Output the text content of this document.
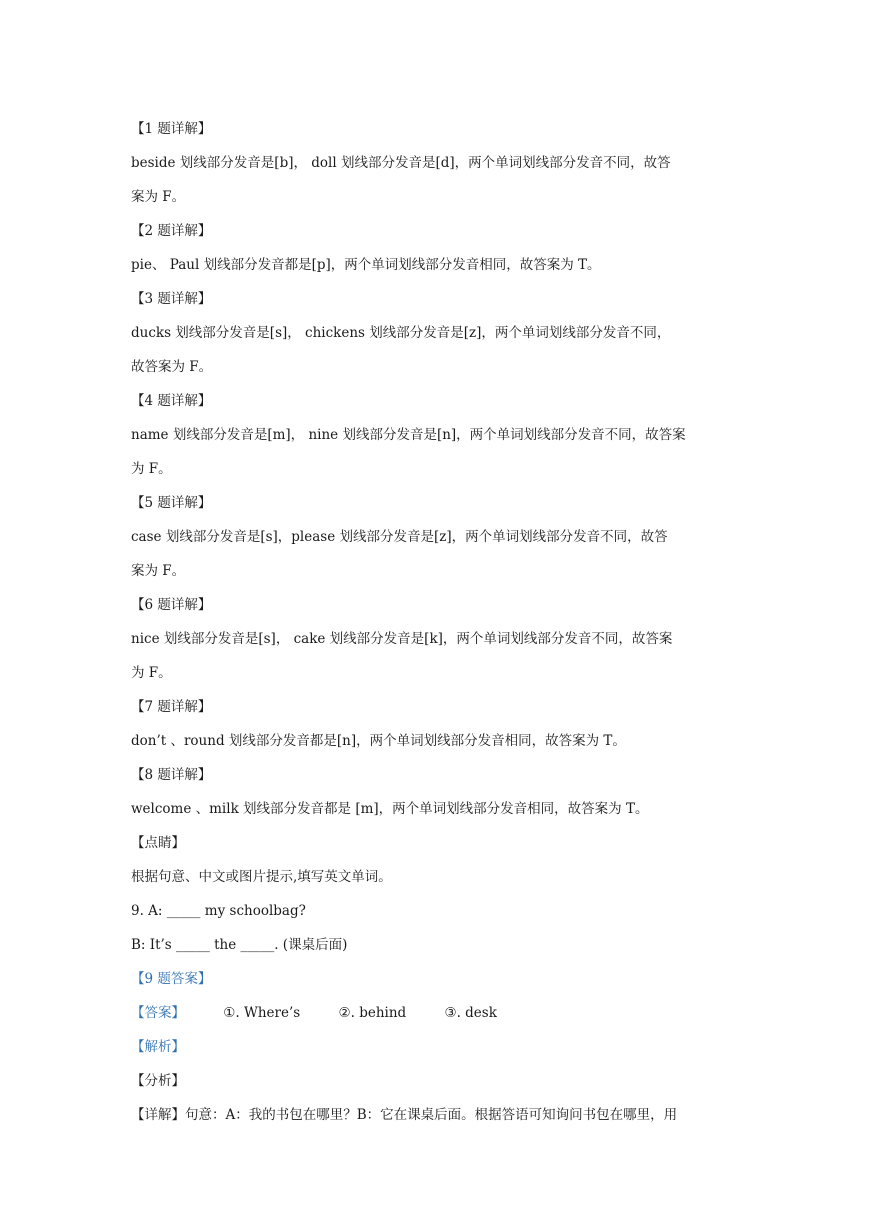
【1 题详解】
beside 划线部分发音是[b]， doll 划线部分发音是[d]，两个单词划线部分发音不同，故答
案为 F。
【2 题详解】
pie、 Paul 划线部分发音都是[p]，两个单词划线部分发音相同，故答案为 T。
【3 题详解】
ducks 划线部分发音是[s]， chickens 划线部分发音是[z]，两个单词划线部分发音不同，
故答案为 F。
【4 题详解】
name 划线部分发音是[m]， nine 划线部分发音是[n]，两个单词划线部分发音不同，故答案
为 F。
【5 题详解】
case 划线部分发音是[s]，please 划线部分发音是[z]，两个单词划线部分发音不同，故答
案为 F。
【6 题详解】
nice 划线部分发音是[s]， cake 划线部分发音是[k]，两个单词划线部分发音不同，故答案
为 F。
【7 题详解】
don’t 、round 划线部分发音都是[n]，两个单词划线部分发音相同，故答案为 T。
【8 题详解】
welcome 、milk 划线部分发音都是 [m]，两个单词划线部分发音相同，故答案为 T。
【点睛】
根据句意、中文或图片提示,填写英文单词。
9. A: _____ my schoolbag?
B: It’s _____ the _____. (课桌后面)
【9 题答案】
【答案】	①. Where’s	②. behind	③. desk
【解析】
【分析】
【详解】句意：A：我的书包在哪里？B：它在课桌后面。根据答语可知询问书包在哪里，用
